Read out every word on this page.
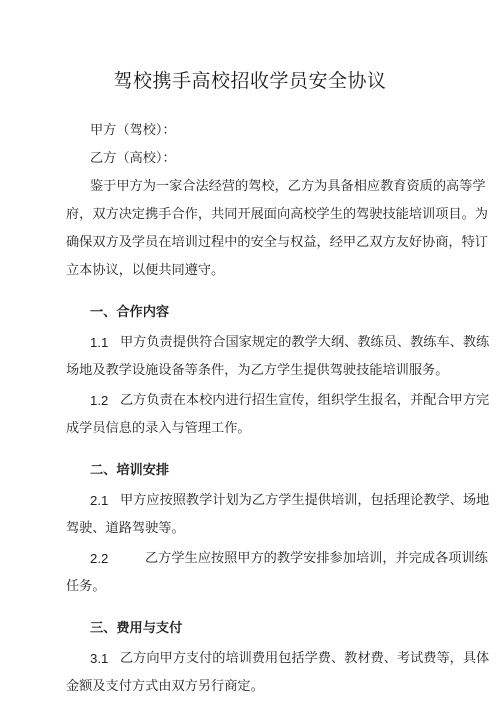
驾校携手高校招收学员安全协议
甲方（驾校）：
乙方（高校）：
鉴于甲方为一家合法经营的驾校，乙方为具备相应教育资质的高等学
府，双方决定携手合作，共同开展面向高校学生的驾驶技能培训项目。为
确保双方及学员在培训过程中的安全与权益，经甲乙双方友好协商，特订
立本协议，以便共同遵守。
一、合作内容
1.1 甲方负责提供符合国家规定的教学大纲、教练员、教练车、教练
场地及教学设施设备等条件，为乙方学生提供驾驶技能培训服务。
1.2 乙方负责在本校内进行招生宣传，组织学生报名，并配合甲方完
成学员信息的录入与管理工作。
二、培训安排
2.1 甲方应按照教学计划为乙方学生提供培训，包括理论教学、场地
驾驶、道路驾驶等。
2.2	乙方学生应按照甲方的教学安排参加培训，并完成各项训练
任务。
三、费用与支付
3.1 乙方向甲方支付的培训费用包括学费、教材费、考试费等，具体
金额及支付方式由双方另行商定。
